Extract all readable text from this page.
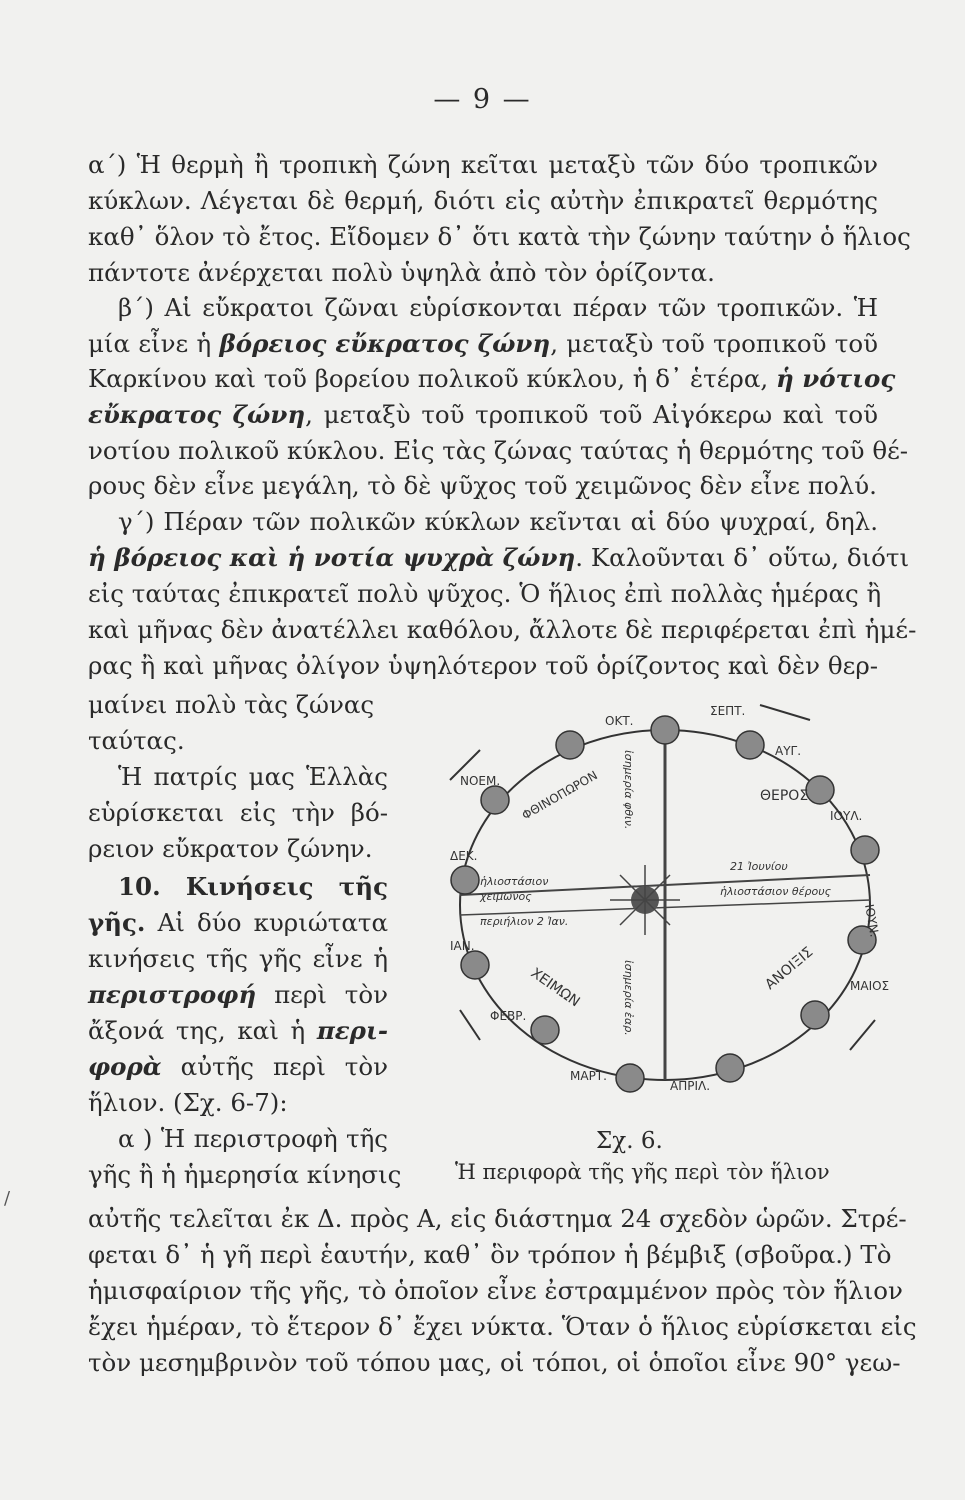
— 9 —
α΄) Ἡ θερμὴ ἢ τροπικὴ ζώνη κεῖται μεταξὺ τῶν δύο τροπικῶν
κύκλων. Λέγεται δὲ θερμή, διότι εἰς αὐτὴν ἐπικρατεῖ θερμότης
καθ᾽ ὅλον τὸ ἔτος. Εἴδομεν δ᾽ ὅτι κατὰ τὴν ζώνην ταύτην ὁ ἥλιος
πάντοτε ἀνέρχεται πολὺ ὑψηλὰ ἀπὸ τὸν ὁρίζοντα.
β΄) Αἱ εὔκρατοι ζῶναι εὑρίσκονται πέραν τῶν τροπικῶν. Ἡ
μία εἶνε ἡ βόρειος εὔκρατος ζώνη, μεταξὺ τοῦ τροπικοῦ τοῦ
Καρκίνου καὶ τοῦ βορείου πολικοῦ κύκλου, ἡ δ᾽ ἑτέρα, ἡ νότιος
εὔκρατος ζώνη, μεταξὺ τοῦ τροπικοῦ τοῦ Αἰγόκερω καὶ τοῦ
νοτίου πολικοῦ κύκλου. Εἰς τὰς ζώνας ταύτας ἡ θερμότης τοῦ θέ-
ρους δὲν εἶνε μεγάλη, τὸ δὲ ψῦχος τοῦ χειμῶνος δὲν εἶνε πολύ.
γ΄) Πέραν τῶν πολικῶν κύκλων κεῖνται αἱ δύο ψυχραί, δηλ.
ἡ βόρειος καὶ ἡ νοτία ψυχρὰ ζώνη. Καλοῦνται δ᾽ οὕτω, διότι
εἰς ταύτας ἐπικρατεῖ πολὺ ψῦχος. Ὁ ἥλιος ἐπὶ πολλὰς ἡμέρας ἢ
καὶ μῆνας δὲν ἀνατέλλει καθόλου, ἄλλοτε δὲ περιφέρεται ἐπὶ ἡμέ-
ρας ἢ καὶ μῆνας ὀλίγον ὑψηλότερον τοῦ ὁρίζοντος καὶ δὲν θερ-
μαίνει πολὺ τὰς ζώνας
ταύτας.
Ἡ πατρίς μας Ἑλλὰς
εὑρίσκεται εἰς τὴν βό-
ρειον εὔκρατον ζώνην.
10. Κινήσεις τῆς
γῆς. Αἱ δύο κυριώτατα
κινήσεις τῆς γῆς εἶνε ἡ
περιστροφή περὶ τὸν
ἄξονά της, καὶ ἡ περι-
φορὰ αὐτῆς περὶ τὸν
ἥλιον. (Σχ. 6-7):
α ) Ἡ περιστροφὴ τῆς
γῆς ἢ ἡ ἡμερησία κίνησις
/
ΘΕΡΟΣ
ΦΘΙΝΟΠΩΡΟΝ
ΧΕΙΜΩΝ	ΑΝΟΙΞΙΣ
ΣΕΠΤ.
ΑΥΓ.
ΙΟΥΛ.
ΙΟΥΝ.
ΜΑΙΟΣ
ΑΠΡΙΛ.
ΜΑΡΤ.
ΦΕΒΡ.
ΙΑΝ.
ΔΕΚ.
ΝΟΕΜ.
ΟΚΤ.
21 Ἰουνίου
ἡλιοστάσιον θέρους
ἡλιοστάσιον
χειμῶνος
περιήλιον 2 Ἰαν.
ἰσημερία φθιν.
ἰσημερία ἐαρ.
Σχ. 6.
Ἡ περιφορὰ τῆς γῆς περὶ τὸν ἥλιον
αὐτῆς τελεῖται ἐκ Δ. πρὸς Α, εἰς διάστημα 24 σχεδὸν ὡρῶν. Στρέ-
φεται δ᾽ ἡ γῆ περὶ ἑαυτήν, καθ᾽ ὃν τρόπον ἡ βέμβιξ (σβοῦρα.) Τὸ
ἡμισφαίριον τῆς γῆς, τὸ ὁποῖον εἶνε ἐστραμμένον πρὸς τὸν ἥλιον
ἔχει ἡμέραν, τὸ ἕτερον δ᾽ ἔχει νύκτα. Ὅταν ὁ ἥλιος εὑρίσκεται εἰς
τὸν μεσημβρινὸν τοῦ τόπου μας, οἱ τόποι, οἱ ὁποῖοι εἶνε 90° γεω-
